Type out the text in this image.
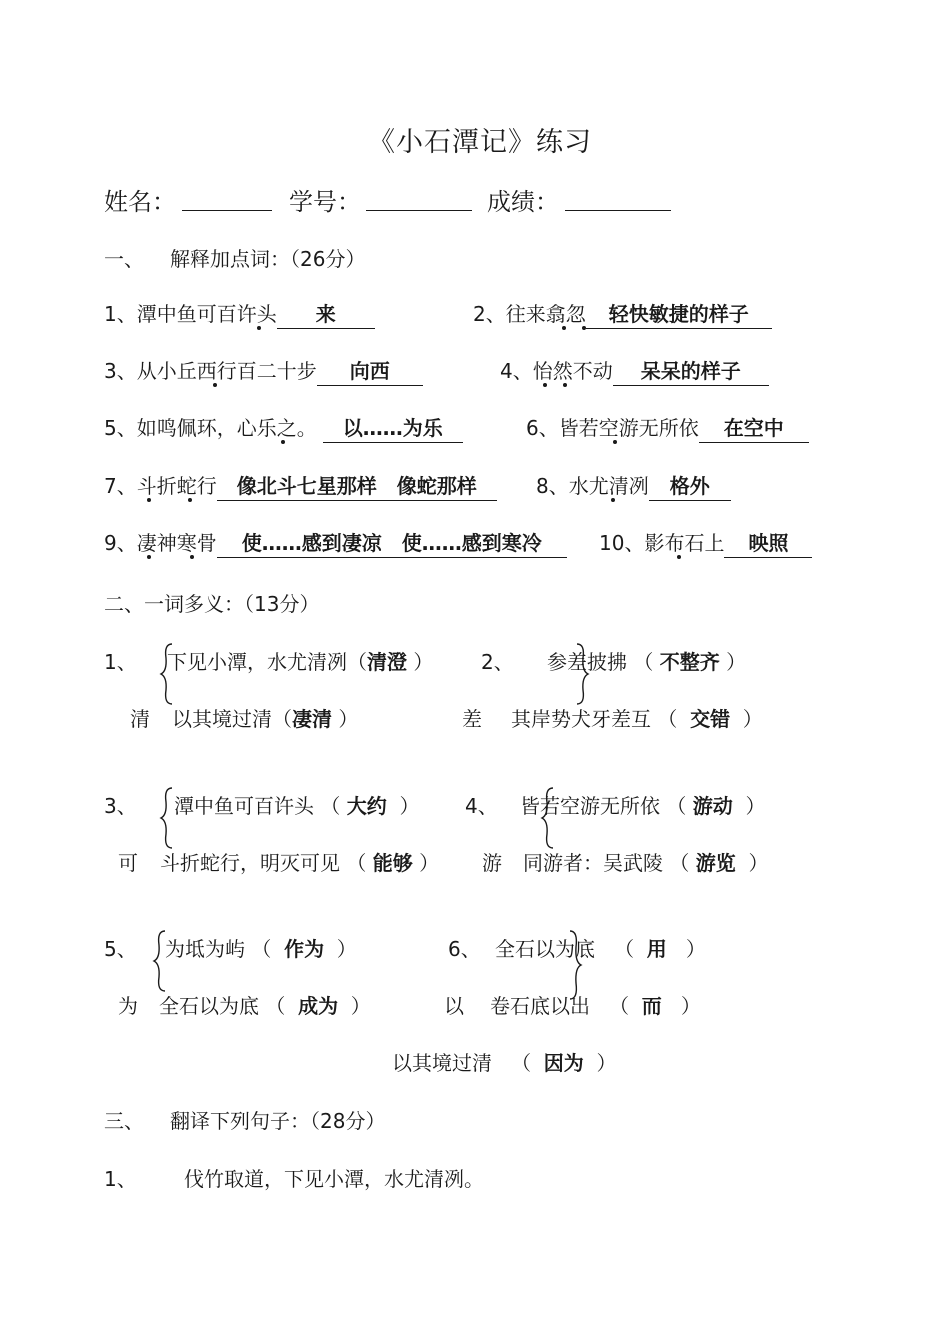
《小石潭记》练习
姓名：	学号：	成绩：
一、 解释加点词：（26分）
1、潭中鱼可百许头 来	2、往来翕忽 轻快敏捷的样子
3、从小丘西行百二十步 向西	4、怡然不动 呆呆的样子
5、如鸣佩环，心乐之。 以……为乐	6、皆若空游无所依 在空中
7、斗折蛇行 像北斗七星那样　像蛇那样	8、水尤清冽 格外
9、凄神寒骨 使……感到凄凉　使……感到寒冷	10、影布石上 映照
二、一词多义：（13分）
1、
清
下见小潭，水尤清冽（清澄 ）
以其境过清（凄清 ）
2、
差
参差披拂 （ 不整齐 ）
其岸势犬牙差互 （ 交错 ）
3、
可
潭中鱼可百许头 （ 大约 ）
斗折蛇行，明灭可见 （ 能够 ）
4、
游
皆若空游无所依 （ 游动 ）
同游者：吴武陵 （ 游览 ）
5、
为
为坻为屿 （ 作为 ）
全石以为底 （ 成为 ）
6、
以
全石以为底 （ 用 ）
卷石底以出 （ 而 ）
以其境过清 （ 因为 ）
三、 翻译下列句子：（28分）
1、 伐竹取道，下见小潭，水尤清冽。
